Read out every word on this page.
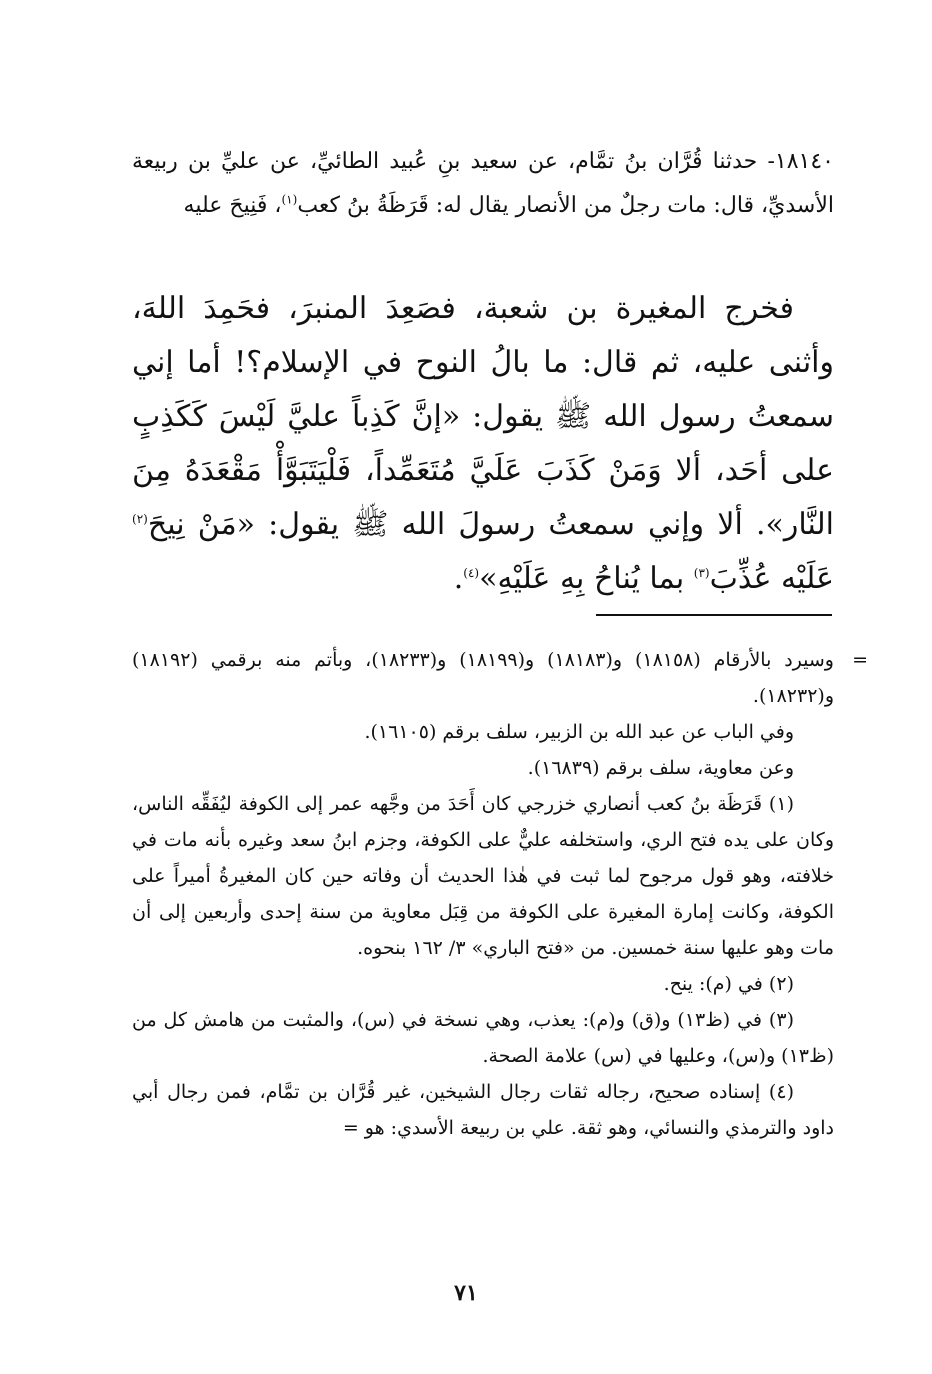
١٨١٤٠- حدثنا قُرَّان بنُ تمَّام، عن سعيد بنِ عُبيد الطائيِّ، عن عليِّ بن ربيعة الأسديِّ، قال: مات رجلٌ من الأنصار يقال له: قَرَظَةُ بنُ كعب$^{(١)}$، فَنِيحَ عليه

فخرج المغيرة بن شعبة، فصَعِدَ المنبرَ، فحَمِدَ اللهَ، وأثنى عليه، ثم قال: ما بالُ النوح في الإسلام؟! أما إني سمعتُ رسول الله ﷺ يقول: «إنَّ كَذِباً عليَّ لَيْسَ كَكَذِبٍ على أحَد، ألا وَمَنْ كَذَبَ عَلَيَّ مُتَعَمِّداً، فَلْيَتَبَوَّأْ مَقْعَدَهُ مِنَ النَّار». ألا وإني سمعتُ رسولَ الله ﷺ يقول: «مَنْ نِيحَ$^{(٢)}$ عَلَيْه عُذِّبَ$^{(٣)}$ بما يُناحُ بِهِ عَلَيْهِ»$^{(٤)}$.

=
وسيرد بالأرقام (١٨١٥٨) و(١٨١٨٣) و(١٨١٩٩) و(١٨٢٣٣)، وبأتم منه برقمي (١٨١٩٢) و(١٨٢٣٢).

وفي الباب عن عبد الله بن الزبير، سلف برقم (١٦١٠٥).

وعن معاوية، سلف برقم (١٦٨٣٩).

(١) قَرَظَة بنُ كعب أنصاري خزرجي كان أَحَدَ من وجَّهه عمر إلى الكوفة ليُفَقِّه الناس، وكان على يده فتح الري، واستخلفه عليٌّ على الكوفة، وجزم ابنُ سعد وغيره بأنه مات في خلافته، وهو قول مرجوح لما ثبت في هٰذا الحديث أن وفاته حين كان المغيرةُ أميراً على الكوفة، وكانت إمارة المغيرة على الكوفة من قِبَل معاوية من سنة إحدى وأربعين إلى أن مات وهو عليها سنة خمسين. من «فتح الباري» ٣/ ١٦٢ بنحوه.

(٢) في (م): ينح.

(٣) في (ظ١٣) و(ق) و(م): يعذب، وهي نسخة في (س)، والمثبت من هامش كل من (ظ١٣) و(س)، وعليها في (س) علامة الصحة.

(٤) إسناده صحيح، رجاله ثقات رجال الشيخين، غير قُرَّان بن تمَّام، فمن رجال أبي داود والترمذي والنسائي، وهو ثقة. علي بن ربيعة الأسدي: هو =

٧١
